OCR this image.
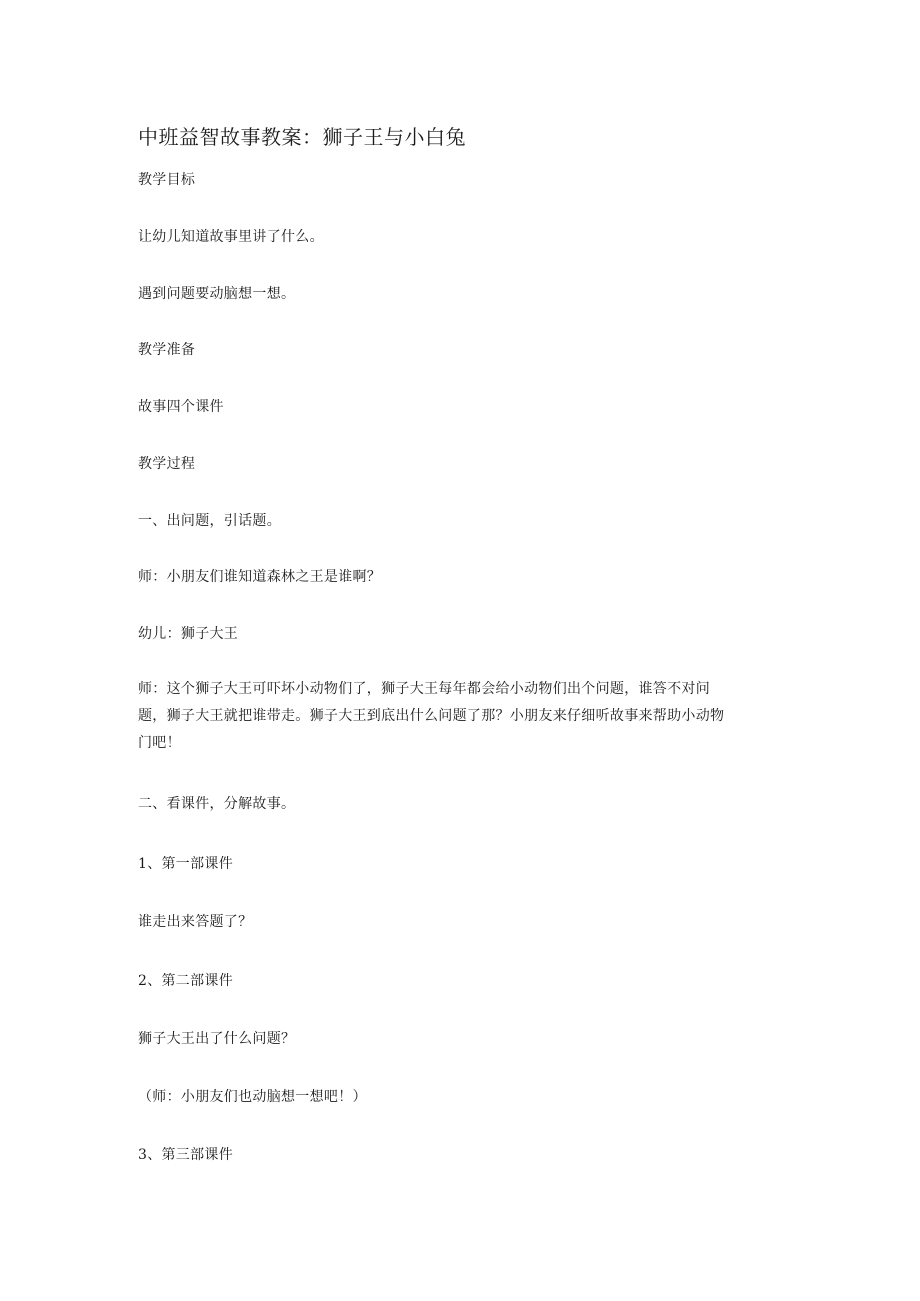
中班益智故事教案：狮子王与小白兔
教学目标
让幼儿知道故事里讲了什么。
遇到问题要动脑想一想。
教学准备
故事四个课件
教学过程
一、出问题，引话题。
师：小朋友们谁知道森林之王是谁啊？
幼儿：狮子大王
师：这个狮子大王可吓坏小动物们了，狮子大王每年都会给小动物们出个问题，谁答不对问
题，狮子大王就把谁带走。狮子大王到底出什么问题了那？小朋友来仔细听故事来帮助小动物
门吧！
二、看课件，分解故事。
1、第一部课件
谁走出来答题了？
2、第二部课件
狮子大王出了什么问题？
（师：小朋友们也动脑想一想吧！）
3、第三部课件
